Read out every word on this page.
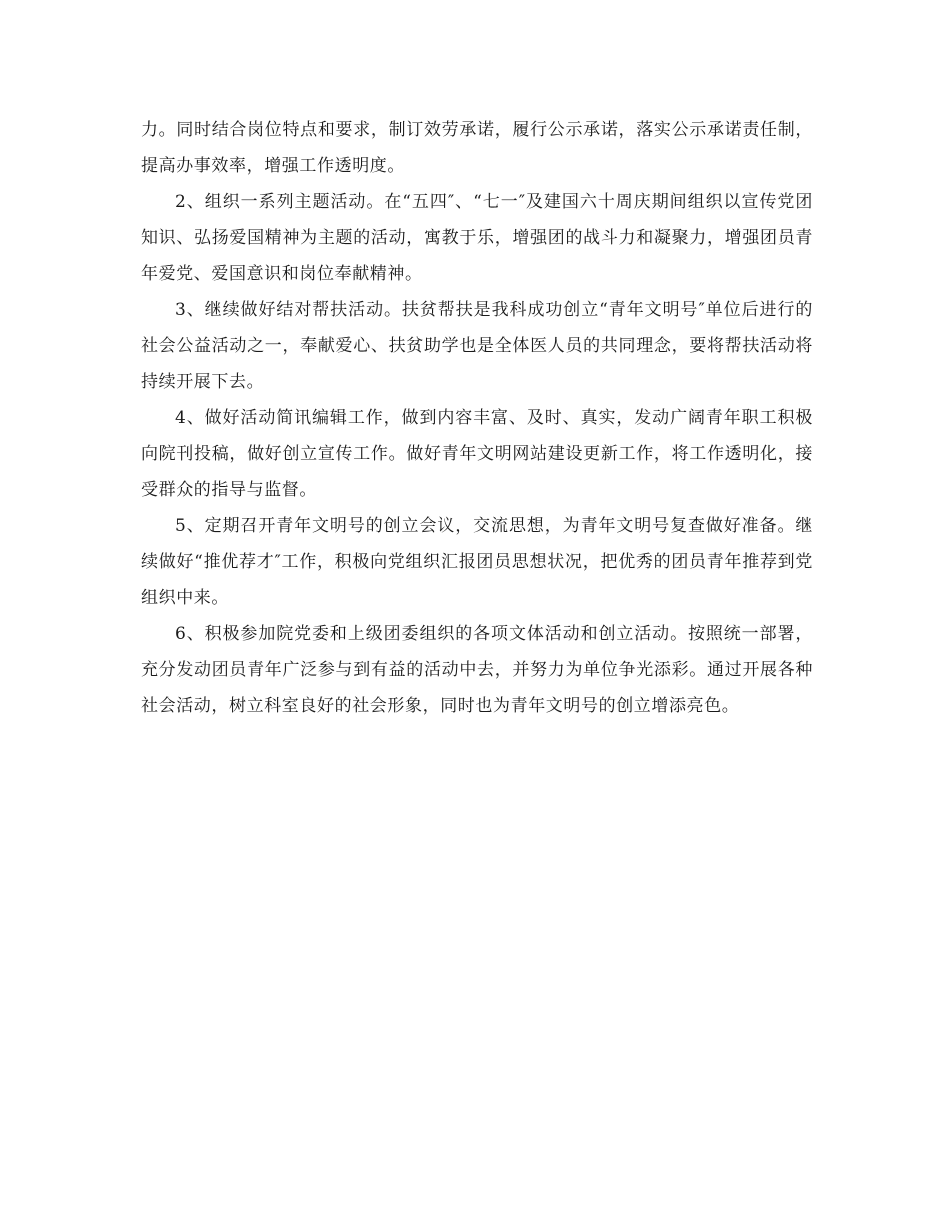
力。同时结合岗位特点和要求，制订效劳承诺，履行公示承诺，落实公示承诺责任制，提高办事效率，增强工作透明度。

2、组织一系列主题活动。在“五四″、“七一″及建国六十周庆期间组织以宣传党团知识、弘扬爱国精神为主题的活动，寓教于乐，增强团的战斗力和凝聚力，增强团员青年爱党、爱国意识和岗位奉献精神。

3、继续做好结对帮扶活动。扶贫帮扶是我科成功创立“青年文明号″单位后进行的社会公益活动之一，奉献爱心、扶贫助学也是全体医人员的共同理念，要将帮扶活动将持续开展下去。

4、做好活动简讯编辑工作，做到内容丰富、及时、真实，发动广阔青年职工积极向院刊投稿，做好创立宣传工作。做好青年文明网站建设更新工作，将工作透明化，接受群众的指导与监督。

5、定期召开青年文明号的创立会议，交流思想，为青年文明号复查做好准备。继续做好“推优荐才″工作，积极向党组织汇报团员思想状况，把优秀的团员青年推荐到党组织中来。

6、积极参加院党委和上级团委组织的各项文体活动和创立活动。按照统一部署，充分发动团员青年广泛参与到有益的活动中去，并努力为单位争光添彩。通过开展各种社会活动，树立科室良好的社会形象，同时也为青年文明号的创立增添亮色。
